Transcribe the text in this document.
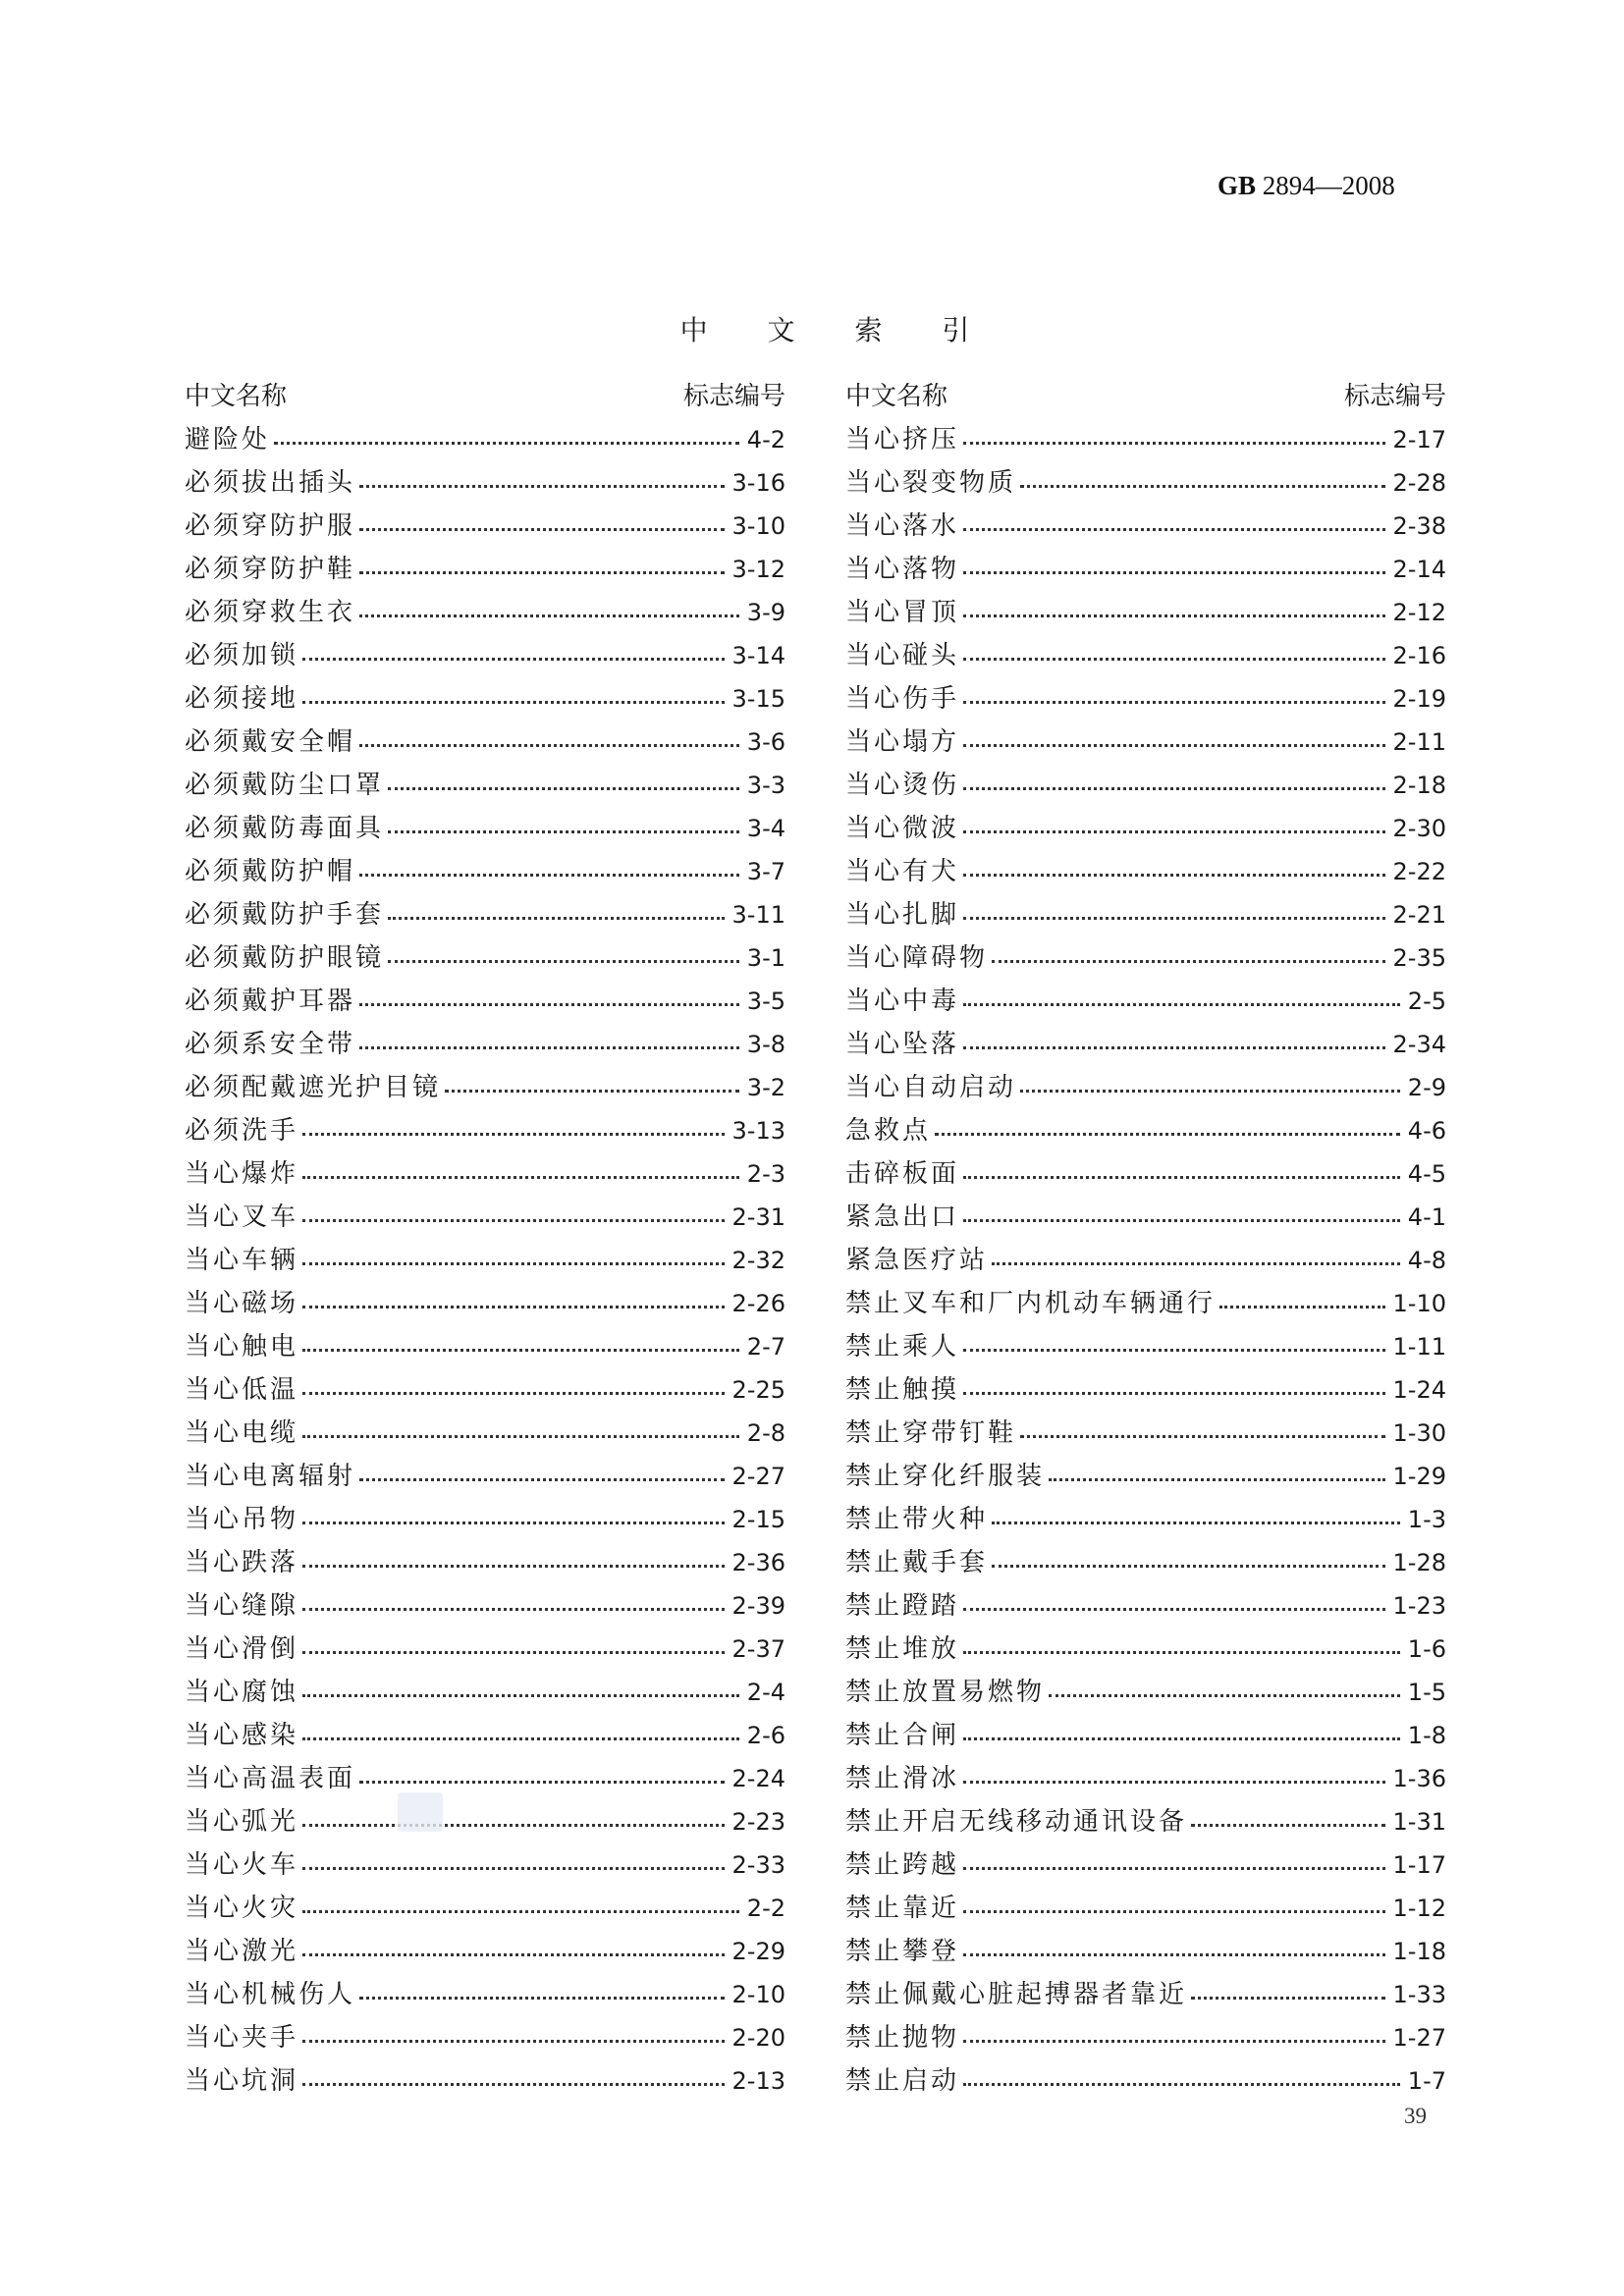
GB 2894—2008
中 文 索 引
中文名称	标志编号
避险处	4-2
必须拔出插头	3-16
必须穿防护服	3-10
必须穿防护鞋	3-12
必须穿救生衣	3-9
必须加锁	3-14
必须接地	3-15
必须戴安全帽	3-6
必须戴防尘口罩	3-3
必须戴防毒面具	3-4
必须戴防护帽	3-7
必须戴防护手套	3-11
必须戴防护眼镜	3-1
必须戴护耳器	3-5
必须系安全带	3-8
必须配戴遮光护目镜	3-2
必须洗手	3-13
当心爆炸	2-3
当心叉车	2-31
当心车辆	2-32
当心磁场	2-26
当心触电	2-7
当心低温	2-25
当心电缆	2-8
当心电离辐射	2-27
当心吊物	2-15
当心跌落	2-36
当心缝隙	2-39
当心滑倒	2-37
当心腐蚀	2-4
当心感染	2-6
当心高温表面	2-24
当心弧光	2-23
当心火车	2-33
当心火灾	2-2
当心激光	2-29
当心机械伤人	2-10
当心夹手	2-20
当心坑洞	2-13
中文名称	标志编号
当心挤压	2-17
当心裂变物质	2-28
当心落水	2-38
当心落物	2-14
当心冒顶	2-12
当心碰头	2-16
当心伤手	2-19
当心塌方	2-11
当心烫伤	2-18
当心微波	2-30
当心有犬	2-22
当心扎脚	2-21
当心障碍物	2-35
当心中毒	2-5
当心坠落	2-34
当心自动启动	2-9
急救点	4-6
击碎板面	4-5
紧急出口	4-1
紧急医疗站	4-8
禁止叉车和厂内机动车辆通行	1-10
禁止乘人	1-11
禁止触摸	1-24
禁止穿带钉鞋	1-30
禁止穿化纤服装	1-29
禁止带火种	1-3
禁止戴手套	1-28
禁止蹬踏	1-23
禁止堆放	1-6
禁止放置易燃物	1-5
禁止合闸	1-8
禁止滑冰	1-36
禁止开启无线移动通讯设备	1-31
禁止跨越	1-17
禁止靠近	1-12
禁止攀登	1-18
禁止佩戴心脏起搏器者靠近	1-33
禁止抛物	1-27
禁止启动	1-7
39
